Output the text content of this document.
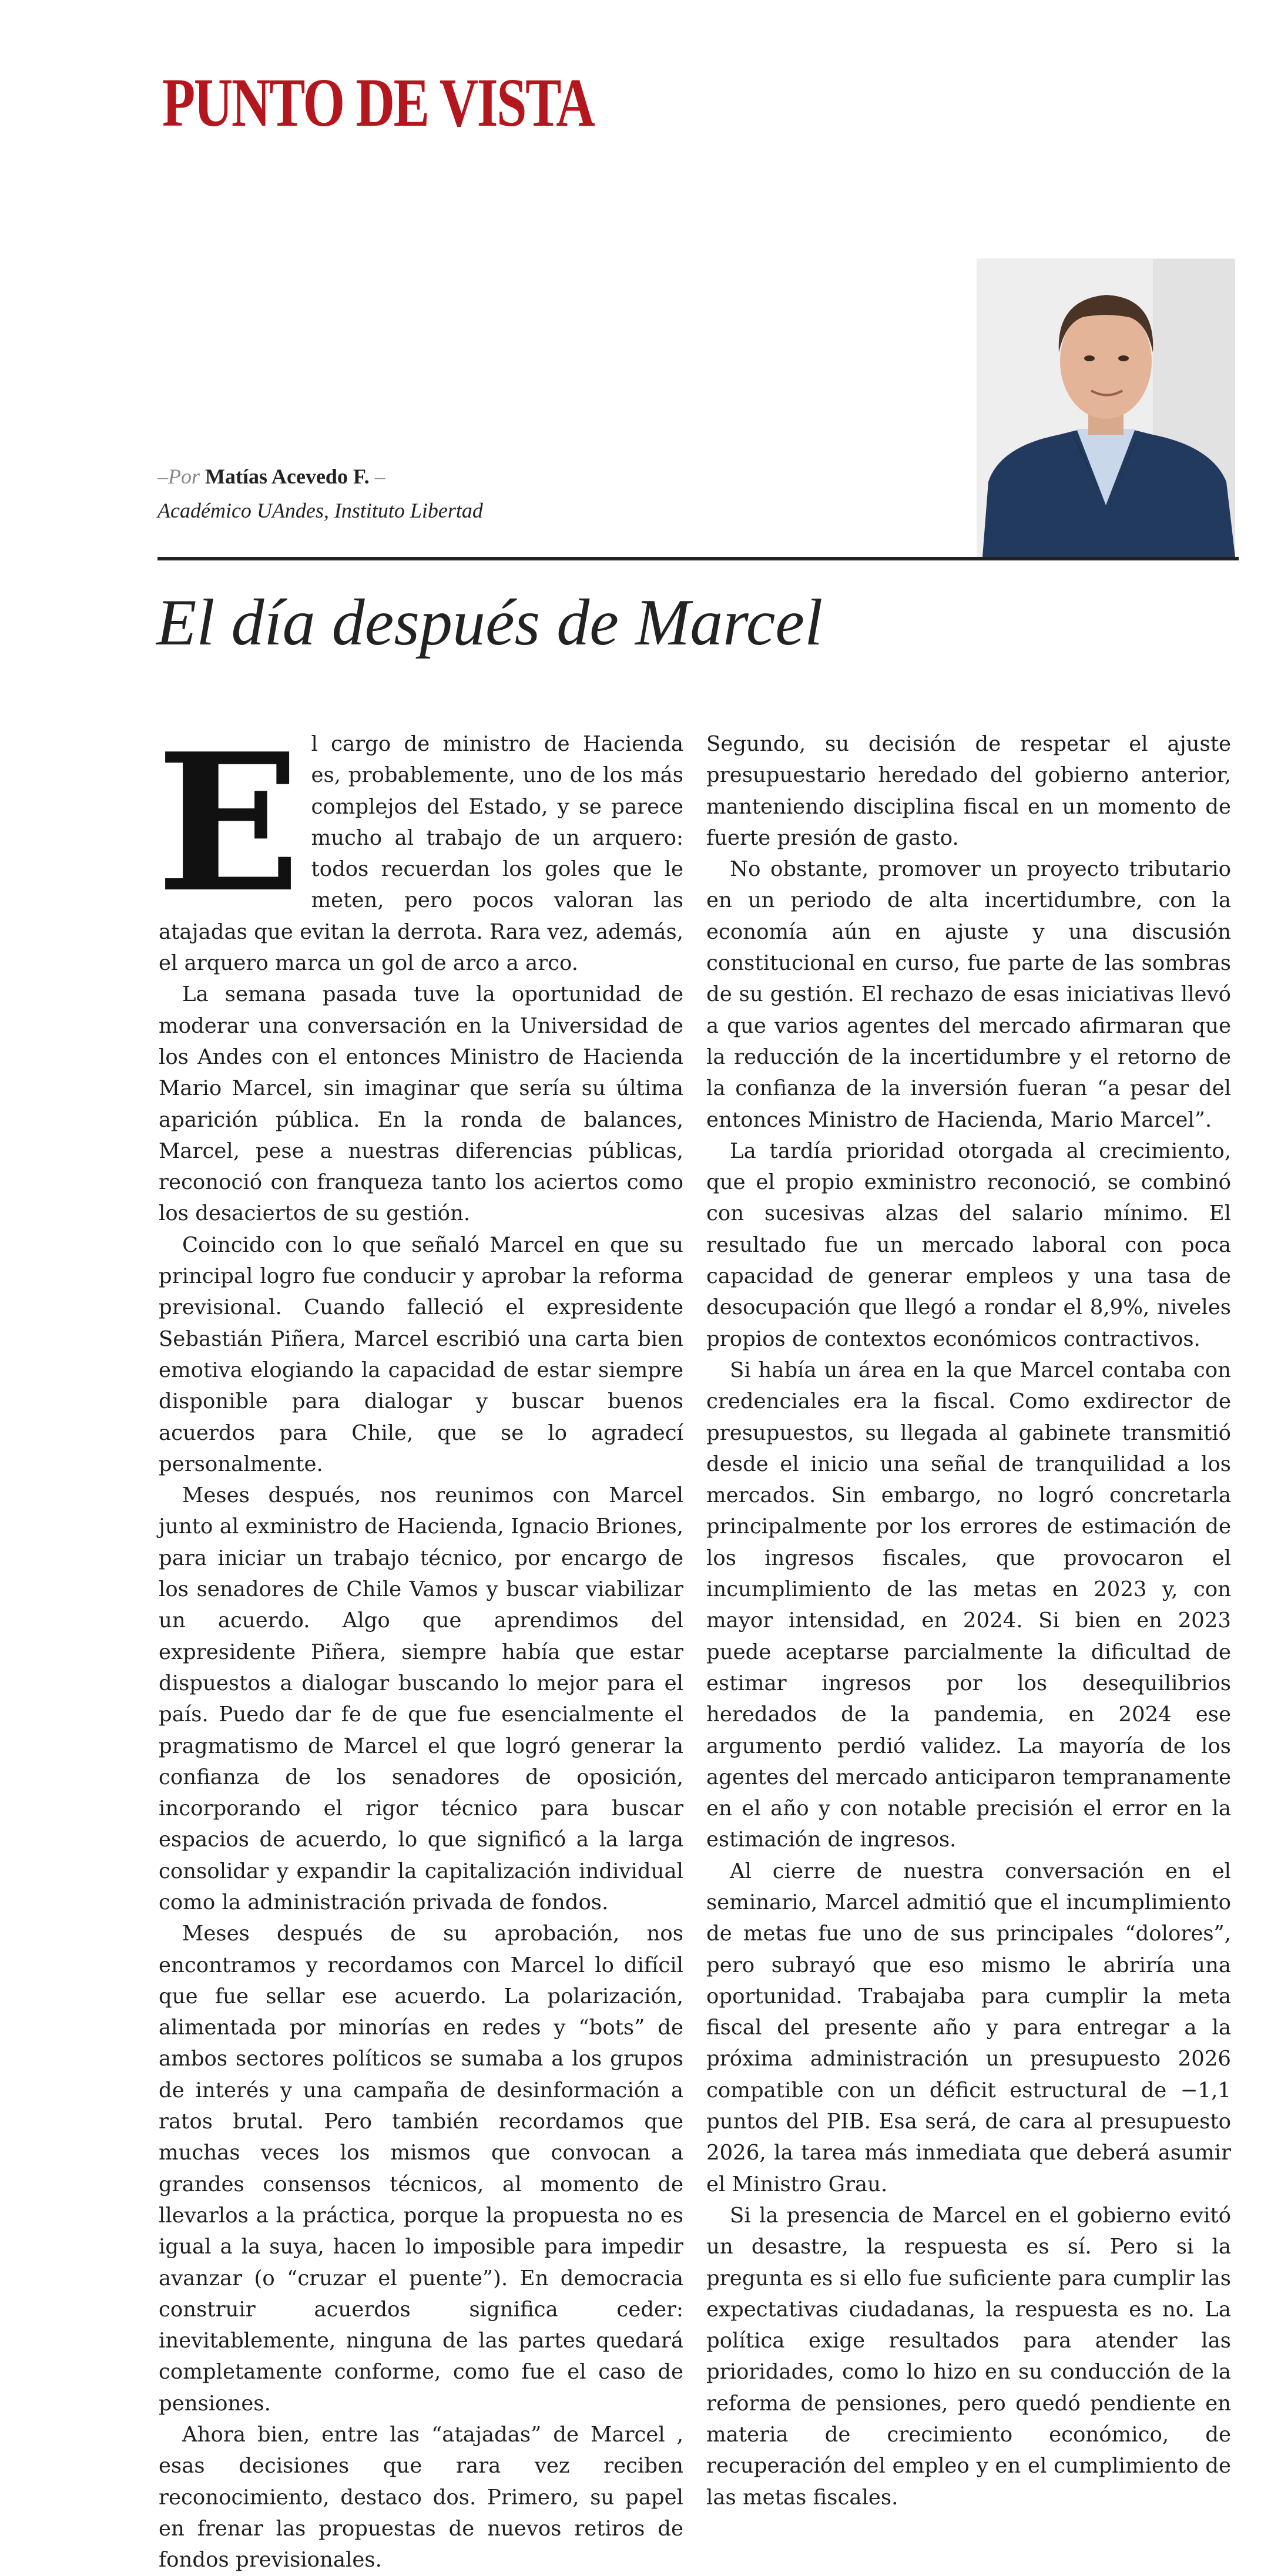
PUNTO DE VISTA
–Por Matías Acevedo F. –
Académico UAndes, Instituto Libertad
El día después de Marcel

El cargo de ministro de Hacienda es, probablemente, uno de los más complejos del Estado, y se parece mucho al trabajo de un arquero: todos recuerdan los goles que le meten, pero pocos valoran las atajadas que evitan la derrota. Rara vez, además, el arquero marca un gol de arco a arco.

La semana pasada tuve la oportunidad de moderar una conversación en la Universidad de los Andes con el entonces Ministro de Hacienda Mario Marcel, sin imaginar que sería su última aparición pública. En la ronda de balances, Marcel, pese a nuestras diferencias públicas, reconoció con franqueza tanto los aciertos como los desaciertos de su gestión.

Coincido con lo que señaló Marcel en que su principal logro fue conducir y aprobar la reforma previsional. Cuando falleció el expresidente Sebastián Piñera, Marcel escribió una carta bien emotiva elogiando la capacidad de estar siempre disponible para dialogar y buscar buenos acuerdos para Chile, que se lo agradecí personalmente.

Meses después, nos reunimos con Marcel junto al exministro de Hacienda, Ignacio Briones, para iniciar un trabajo técnico, por encargo de los senadores de Chile Vamos y buscar viabilizar un acuerdo. Algo que aprendimos del expresidente Piñera, siempre había que estar dispuestos a dialogar buscando lo mejor para el país. Puedo dar fe de que fue esencialmente el pragmatismo de Marcel el que logró generar la confianza de los senadores de oposición, incorporando el rigor técnico para buscar espacios de acuerdo, lo que significó a la larga consolidar y expandir la capitalización individual como la administración privada de fondos.

Meses después de su aprobación, nos encontramos y recordamos con Marcel lo difícil que fue sellar ese acuerdo. La polarización, alimentada por minorías en redes y “bots” de ambos sectores políticos se sumaba a los grupos de interés y una campaña de desinformación a ratos brutal. Pero también recordamos que muchas veces los mismos que convocan a grandes consensos técnicos, al momento de llevarlos a la práctica, porque la propuesta no es igual a la suya, hacen lo imposible para impedir avanzar (o “cruzar el puente”). En democracia construir acuerdos significa ceder: inevitablemente, ninguna de las partes quedará completamente conforme, como fue el caso de pensiones.

Ahora bien, entre las “atajadas” de Marcel , esas decisiones que rara vez reciben reconocimiento, destaco dos. Primero, su papel en frenar las propuestas de nuevos retiros de fondos previsionales.

Segundo, su decisión de respetar el ajuste presupuestario heredado del gobierno anterior, manteniendo disciplina fiscal en un momento de fuerte presión de gasto.

No obstante, promover un proyecto tributario en un periodo de alta incertidumbre, con la economía aún en ajuste y una discusión constitucional en curso, fue parte de las sombras de su gestión. El rechazo de esas iniciativas llevó a que varios agentes del mercado afirmaran que la reducción de la incertidumbre y el retorno de la confianza de la inversión fueran “a pesar del entonces Ministro de Hacienda, Mario Marcel”.

La tardía prioridad otorgada al crecimiento, que el propio exministro reconoció, se combinó con sucesivas alzas del salario mínimo. El resultado fue un mercado laboral con poca capacidad de generar empleos y una tasa de desocupación que llegó a rondar el 8,9%, niveles propios de contextos económicos contractivos.

Si había un área en la que Marcel contaba con credenciales era la fiscal. Como exdirector de presupuestos, su llegada al gabinete transmitió desde el inicio una señal de tranquilidad a los mercados. Sin embargo, no logró concretarla principalmente por los errores de estimación de los ingresos fiscales, que provocaron el incumplimiento de las metas en 2023 y, con mayor intensidad, en 2024. Si bien en 2023 puede aceptarse parcialmente la dificultad de estimar ingresos por los desequilibrios heredados de la pandemia, en 2024 ese argumento perdió validez. La mayoría de los agentes del mercado anticiparon tempranamente en el año y con notable precisión el error en la estimación de ingresos.

Al cierre de nuestra conversación en el seminario, Marcel admitió que el incumplimiento de metas fue uno de sus principales “dolores”, pero subrayó que eso mismo le abriría una oportunidad. Trabajaba para cumplir la meta fiscal del presente año y para entregar a la próxima administración un presupuesto 2026 compatible con un déficit estructural de −1,1 puntos del PIB. Esa será, de cara al presupuesto 2026, la tarea más inmediata que deberá asumir el Ministro Grau.

Si la presencia de Marcel en el gobierno evitó un desastre, la respuesta es sí. Pero si la pregunta es si ello fue suficiente para cumplir las expectativas ciudadanas, la respuesta es no. La política exige resultados para atender las prioridades, como lo hizo en su conducción de la reforma de pensiones, pero quedó pendiente en materia de crecimiento económico, de recuperación del empleo y en el cumplimiento de las metas fiscales.
